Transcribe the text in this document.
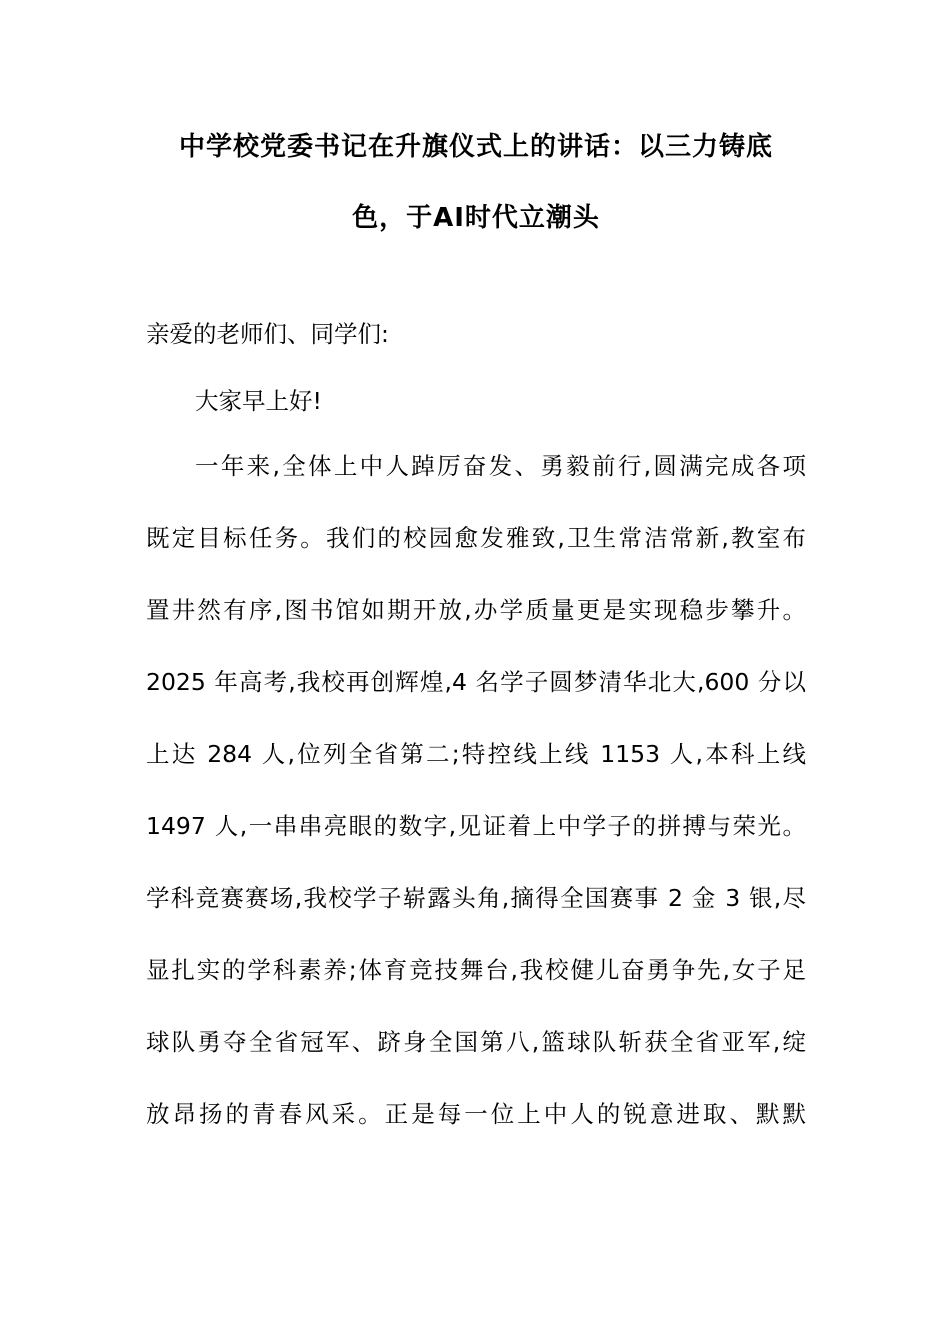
中学校党委书记在升旗仪式上的讲话：以三力铸底
色，于AI时代立潮头
亲爱的老师们、同学们:
大家早上好!
一年来,全体上中人踔厉奋发、勇毅前行,圆满完成各项
既定目标任务。我们的校园愈发雅致,卫生常洁常新,教室布
置井然有序,图书馆如期开放,办学质量更是实现稳步攀升。
2025 年高考,我校再创辉煌,4 名学子圆梦清华北大,600 分以
上达 284 人,位列全省第二;特控线上线 1153 人,本科上线
1497 人,一串串亮眼的数字,见证着上中学子的拼搏与荣光。
学科竞赛赛场,我校学子崭露头角,摘得全国赛事 2 金 3 银,尽
显扎实的学科素养;体育竞技舞台,我校健儿奋勇争先,女子足
球队勇夺全省冠军、跻身全国第八,篮球队斩获全省亚军,绽
放昂扬的青春风采。正是每一位上中人的锐意进取、默默
